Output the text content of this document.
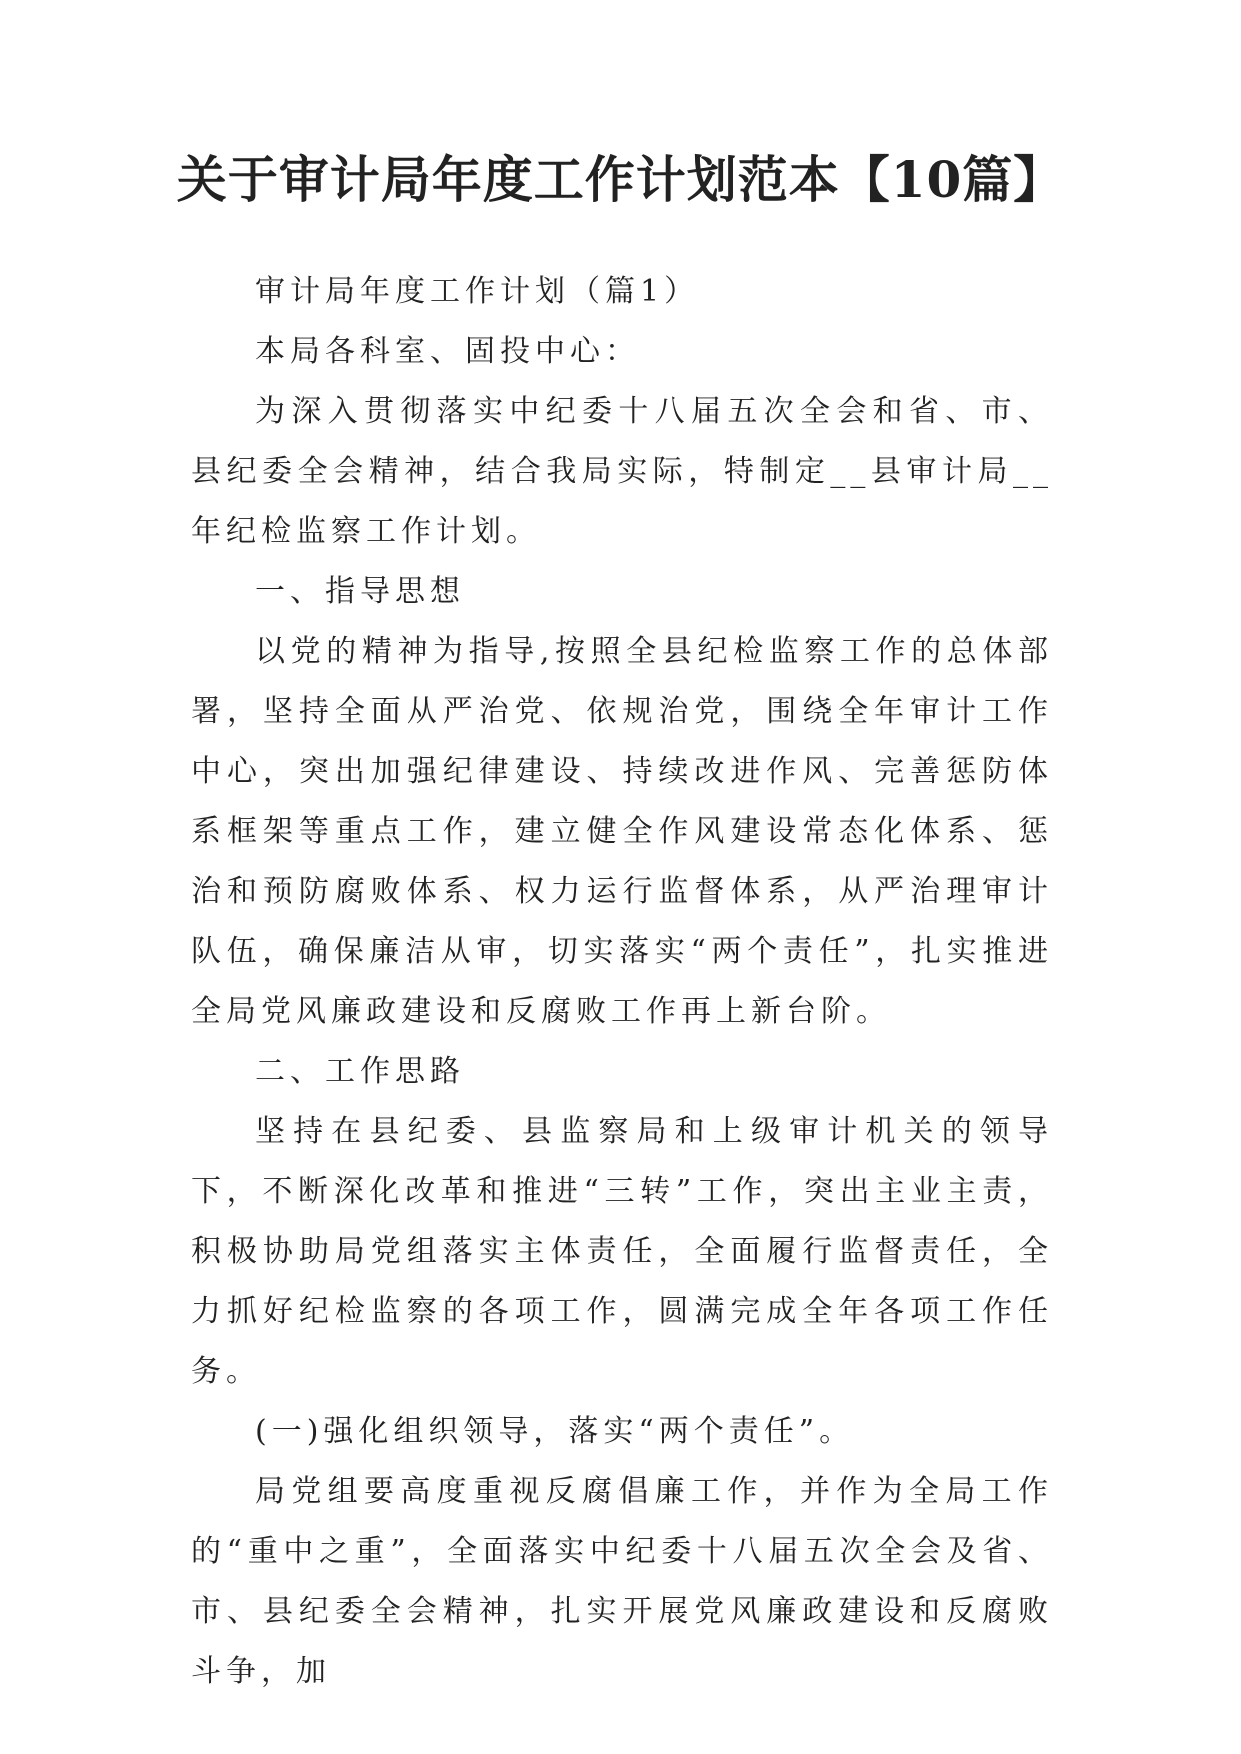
关于审计局年度工作计划范本【10篇】

审计局年度工作计划（篇1）

本局各科室、固投中心：

为深入贯彻落实中纪委十八届五次全会和省、市、县纪委全会精神，结合我局实际，特制定__县审计局__年纪检监察工作计划。

一、指导思想

以党的精神为指导,按照全县纪检监察工作的总体部署，坚持全面从严治党、依规治党，围绕全年审计工作中心，突出加强纪律建设、持续改进作风、完善惩防体系框架等重点工作，建立健全作风建设常态化体系、惩治和预防腐败体系、权力运行监督体系，从严治理审计队伍，确保廉洁从审，切实落实“两个责任”，扎实推进全局党风廉政建设和反腐败工作再上新台阶。

二、工作思路

坚持在县纪委、县监察局和上级审计机关的领导下，不断深化改革和推进“三转”工作，突出主业主责，积极协助局党组落实主体责任，全面履行监督责任，全力抓好纪检监察的各项工作，圆满完成全年各项工作任务。

(一)强化组织领导，落实“两个责任”。

局党组要高度重视反腐倡廉工作，并作为全局工作的“重中之重”，全面落实中纪委十八届五次全会及省、市、县纪委全会精神，扎实开展党风廉政建设和反腐败斗争，加
